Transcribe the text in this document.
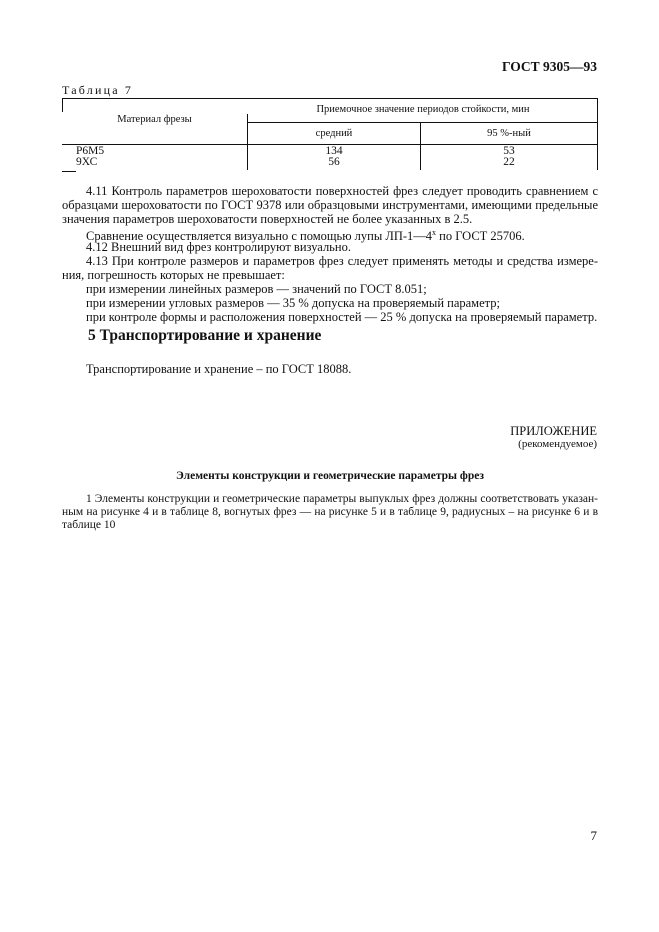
ГОСТ 9305—93
Таблица 7
Материал фрезы
Приемочное значение периодов стойкости, мин
средний	95 %-ный
Р6М5	134	53
9ХС	56	22
4.11 Контроль параметров шероховатости поверхностей фрез следует проводить сравнением с
образцами шероховатости по ГОСТ 9378 или образцовыми инструментами, имеющими предельные
значения параметров шероховатости поверхностей не более указанных в 2.5.
Сравнение осуществляется визуально с помощью лупы $ЛП-1—4^х$ по ГОСТ 25706.
4.12 Внешний вид фрез контролируют визуально.
4.13 При контроле размеров и параметров фрез следует применять методы и средства измере-
ния, погрешность которых не превышает:
при измерении линейных размеров — значений по ГОСТ 8.051;
при измерении угловых размеров — 35 % допуска на проверяемый параметр;
при контроле формы и расположения поверхностей — 25 % допуска на проверяемый параметр.
5 Транспортирование и хранение
Транспортирование и хранение – по ГОСТ 18088.
ПРИЛОЖЕНИЕ
(рекомендуемое)
Элементы конструкции и геометрические параметры фрез
1 Элементы конструкции и геометрические параметры выпуклых фрез должны соответствовать указан-
ным на рисунке 4 и в таблице 8, вогнутых фрез — на рисунке 5 и в таблице 9, радиусных – на рисунке 6 и в
таблице 10
7
